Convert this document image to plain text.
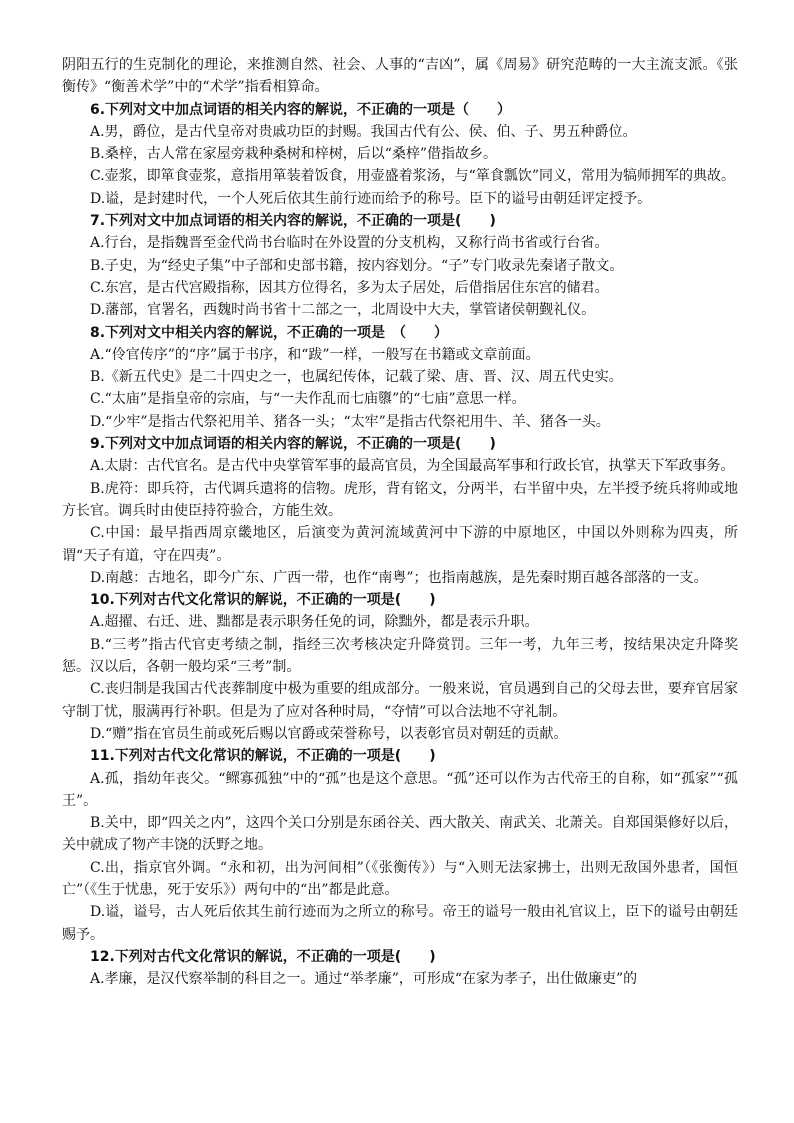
阴阳五行的生克制化的理论，来推测自然、社会、人事的“吉凶”，属《周易》研究范畴的一大主流支派。《张衡传》“衡善术学”中的“术学”指看相算命。

6.下列对文中加点词语的相关内容的解说，不正确的一项是（　　）

A.男，爵位，是古代皇帝对贵戚功臣的封赐。我国古代有公、侯、伯、子、男五种爵位。

B.桑梓，古人常在家屋旁栽种桑树和梓树，后以“桑梓”借指故乡。

C.壶浆，即箪食壶浆，意指用箪装着饭食，用壶盛着浆汤，与“箪食瓢饮”同义，常用为犒师拥军的典故。

D.谥，是封建时代，一个人死后依其生前行迹而给予的称号。臣下的谥号由朝廷评定授予。

7.下列对文中加点词语的相关内容的解说，不正确的一项是(　　)

A.行台，是指魏晋至金代尚书台临时在外设置的分支机构，又称行尚书省或行台省。

B.子史，为“经史子集”中子部和史部书籍，按内容划分。“子”专门收录先秦诸子散文。

C.东宫，是古代宫殿指称，因其方位得名，多为太子居处，后借指居住东宫的储君。

D.藩部，官署名，西魏时尚书省十二部之一，北周设中大夫，掌管诸侯朝觐礼仪。

8.下列对文中相关内容的解说，不正确的一项是　（　　）

A.“伶官传序”的“序”属于书序，和“跋”一样，一般写在书籍或文章前面。

B.《新五代史》是二十四史之一，也属纪传体，记载了梁、唐、晋、汉、周五代史实。

C.“太庙”是指皇帝的宗庙，与“一夫作乱而七庙隳”的“七庙”意思一样。

D.“少牢”是指古代祭祀用羊、猪各一头；“太牢”是指古代祭祀用牛、羊、猪各一头。

9.下列对文中加点词语的相关内容的解说，不正确的一项是(　　)

A.太尉：古代官名。是古代中央掌管军事的最高官员，为全国最高军事和行政长官，执掌天下军政事务。

B.虎符：即兵符，古代调兵遣将的信物。虎形，背有铭文，分两半，右半留中央，左半授予统兵将帅或地方长官。调兵时由使臣持符验合，方能生效。

C.中国：最早指西周京畿地区，后演变为黄河流域黄河中下游的中原地区，中国以外则称为四夷，所谓“天子有道，守在四夷”。

D.南越：古地名，即今广东、广西一带，也作“南粤”；也指南越族，是先秦时期百越各部落的一支。

10.下列对古代文化常识的解说，不正确的一项是(　　)

A.超擢、右迁、进、黜都是表示职务任免的词，除黜外，都是表示升职。

B.“三考”指古代官吏考绩之制，指经三次考核决定升降赏罚。三年一考，九年三考，按结果决定升降奖惩。汉以后，各朝一般均采“三考”制。

C.丧归制是我国古代丧葬制度中极为重要的组成部分。一般来说，官员遇到自己的父母去世，要弃官居家守制丁忧，服满再行补职。但是为了应对各种时局，“夺情”可以合法地不守礼制。

D.“赠”指在官员生前或死后赐以官爵或荣誉称号，以表彰官员对朝廷的贡献。

11.下列对古代文化常识的解说，不正确的一项是(　　)

A.孤，指幼年丧父。“鳏寡孤独”中的“孤”也是这个意思。“孤”还可以作为古代帝王的自称，如“孤家”“孤王”。

B.关中，即“四关之内”，这四个关口分别是东函谷关、西大散关、南武关、北萧关。自郑国渠修好以后，关中就成了物产丰饶的沃野之地。

C.出，指京官外调。“永和初，出为河间相”（《张衡传》）与“入则无法家拂士，出则无敌国外患者，国恒亡”（《生于忧患，死于安乐》）两句中的“出”都是此意。

D.谥，谥号，古人死后依其生前行迹而为之所立的称号。帝王的谥号一般由礼官议上，臣下的谥号由朝廷赐予。

12.下列对古代文化常识的解说，不正确的一项是(　　)

A.孝廉，是汉代察举制的科目之一。通过“举孝廉”，可形成“在家为孝子，出仕做廉吏”的
